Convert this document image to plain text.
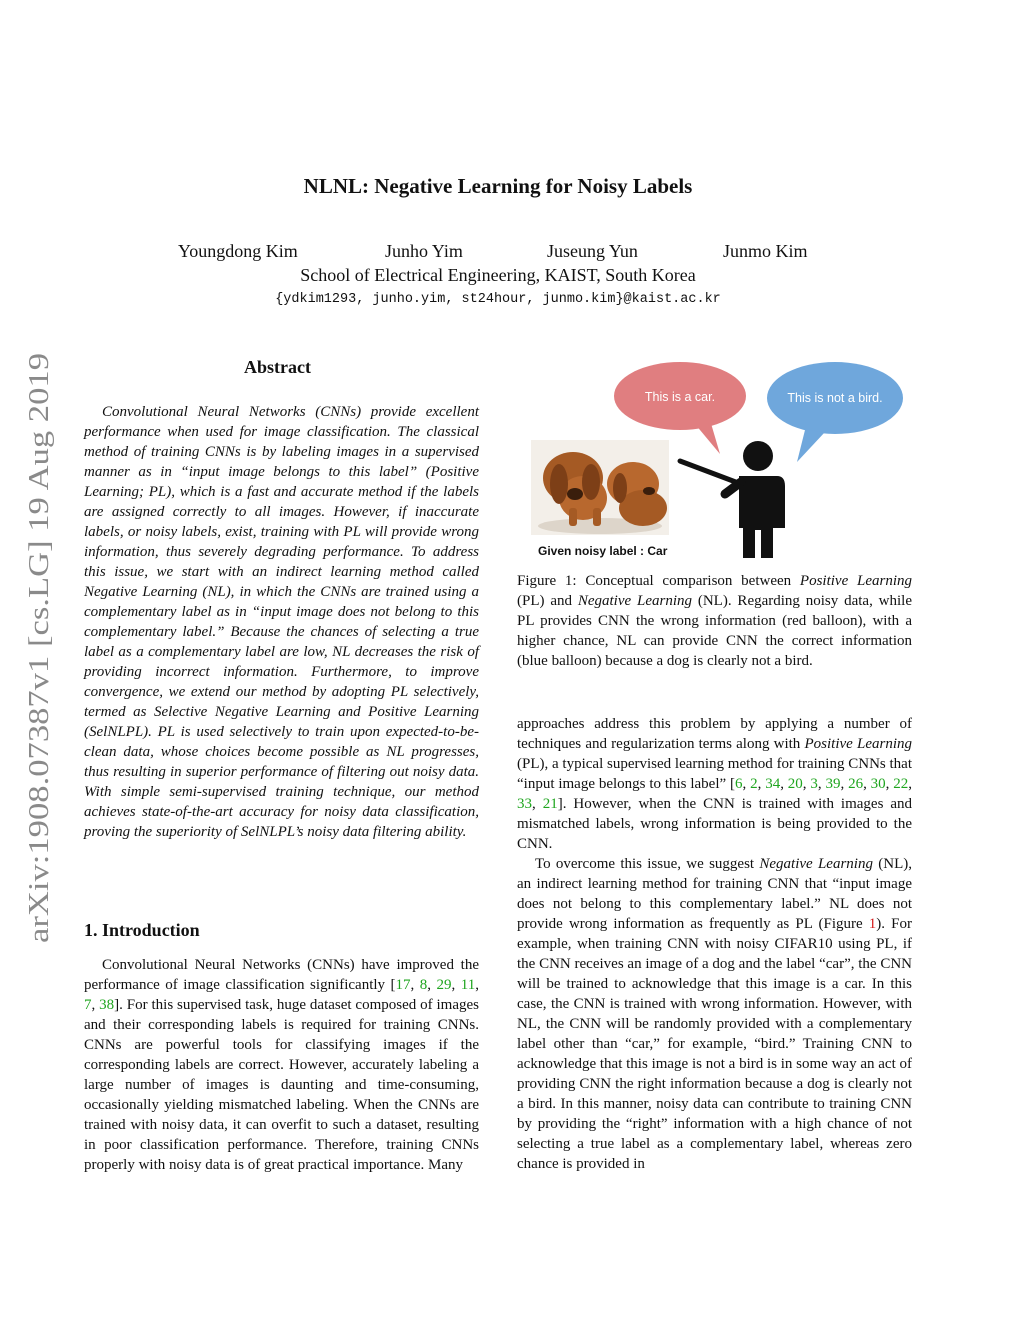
NLNL: Negative Learning for Noisy Labels
Youngdong Kim	Junho Yim	Juseung Yun	Junmo Kim
School of Electrical Engineering, KAIST, South Korea
{ydkim1293, junho.yim, st24hour, junmo.kim}@kaist.ac.kr
arXiv:1908.07387v1 [cs.LG] 19 Aug 2019
Abstract

Convolutional Neural Networks (CNNs) provide excellent performance when used for image classification. The classical method of training CNNs is by labeling images in a supervised manner as in “input image belongs to this label” (Positive Learning; PL), which is a fast and accurate method if the labels are assigned correctly to all images. However, if inaccurate labels, or noisy labels, exist, training with PL will provide wrong information, thus severely degrading performance. To address this issue, we start with an indirect learning method called Negative Learning (NL), in which the CNNs are trained using a complementary label as in “input image does not belong to this complementary label.” Because the chances of selecting a true label as a complementary label are low, NL decreases the risk of providing incorrect information. Furthermore, to improve convergence, we extend our method by adopting PL selectively, termed as Selective Negative Learning and Positive Learning (SelNLPL). PL is used selectively to train upon expected-to-be-clean data, whose choices become possible as NL progresses, thus resulting in superior performance of filtering out noisy data. With simple semi-supervised training technique, our method achieves state-of-the-art accuracy for noisy data classification, proving the superiority of SelNLPL’s noisy data filtering ability.

1. Introduction

Convolutional Neural Networks (CNNs) have improved the performance of image classification significantly [17, 8, 29, 11, 7, 38]. For this supervised task, huge dataset composed of images and their corresponding labels is required for training CNNs. CNNs are powerful tools for classifying images if the corresponding labels are correct. However, accurately labeling a large number of images is daunting and time-consuming, occasionally yielding mismatched labeling. When the CNNs are trained with noisy data, it can overfit to such a dataset, resulting in poor classification performance. Therefore, training CNNs properly with noisy data is of great practical importance. Many

This is a car.	This is not a bird.
Given noisy label : Car

Figure 1: Conceptual comparison between Positive Learning (PL) and Negative Learning (NL). Regarding noisy data, while PL provides CNN the wrong information (red balloon), with a higher chance, NL can provide CNN the correct information (blue balloon) because a dog is clearly not a bird.

approaches address this problem by applying a number of techniques and regularization terms along with Positive Learning (PL), a typical supervised learning method for training CNNs that “input image belongs to this label” [6, 2, 34, 20, 3, 39, 26, 30, 22, 33, 21]. However, when the CNN is trained with images and mismatched labels, wrong information is being provided to the CNN.

To overcome this issue, we suggest Negative Learning (NL), an indirect learning method for training CNN that “input image does not belong to this complementary label.” NL does not provide wrong information as frequently as PL (Figure 1). For example, when training CNN with noisy CIFAR10 using PL, if the CNN receives an image of a dog and the label “car”, the CNN will be trained to acknowledge that this image is a car. In this case, the CNN is trained with wrong information. However, with NL, the CNN will be randomly provided with a complementary label other than “car,” for example, “bird.” Training CNN to acknowledge that this image is not a bird is in some way an act of providing CNN the right information because a dog is clearly not a bird. In this manner, noisy data can contribute to training CNN by providing the “right” information with a high chance of not selecting a true label as a complementary label, whereas zero chance is provided in
